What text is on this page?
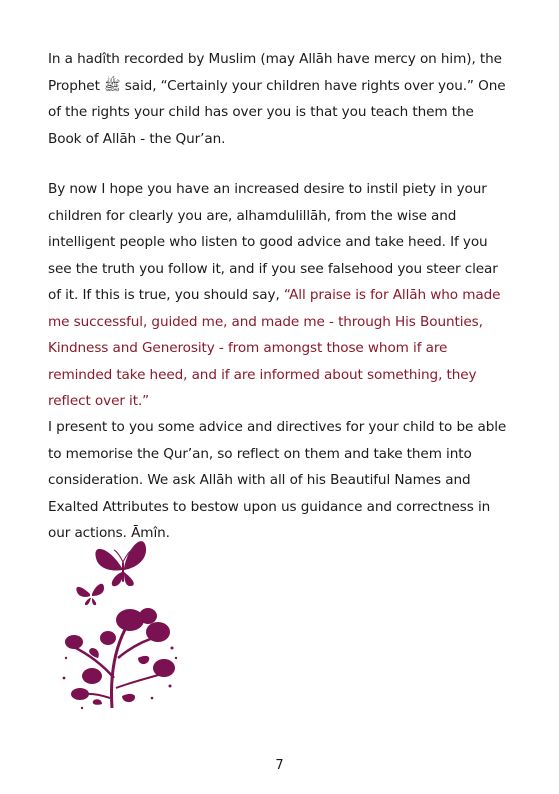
In a hadîth recorded by Muslim (may Allāh have mercy on him), the Prophet ﷺ said, “Certainly your children have rights over you.” One of the rights your child has over you is that you teach them the Book of Allāh - the Qur’an.

By now I hope you have an increased desire to instil piety in your children for clearly you are, alhamdulillāh, from the wise and intelligent people who listen to good advice and take heed. If you see the truth you follow it, and if you see falsehood you steer clear of it. If this is true, you should say, “All praise is for Allāh who made me successful, guided me, and made me - through His Bounties, Kindness and Generosity - from amongst those whom if are reminded take heed, and if are informed about something, they reflect over it.”

I present to you some advice and directives for your child to be able to memorise the Qur’an, so reflect on them and take them into consideration. We ask Allāh with all of his Beautiful Names and Exalted Attributes to bestow upon us guidance and correctness in our actions. Āmîn.

7
